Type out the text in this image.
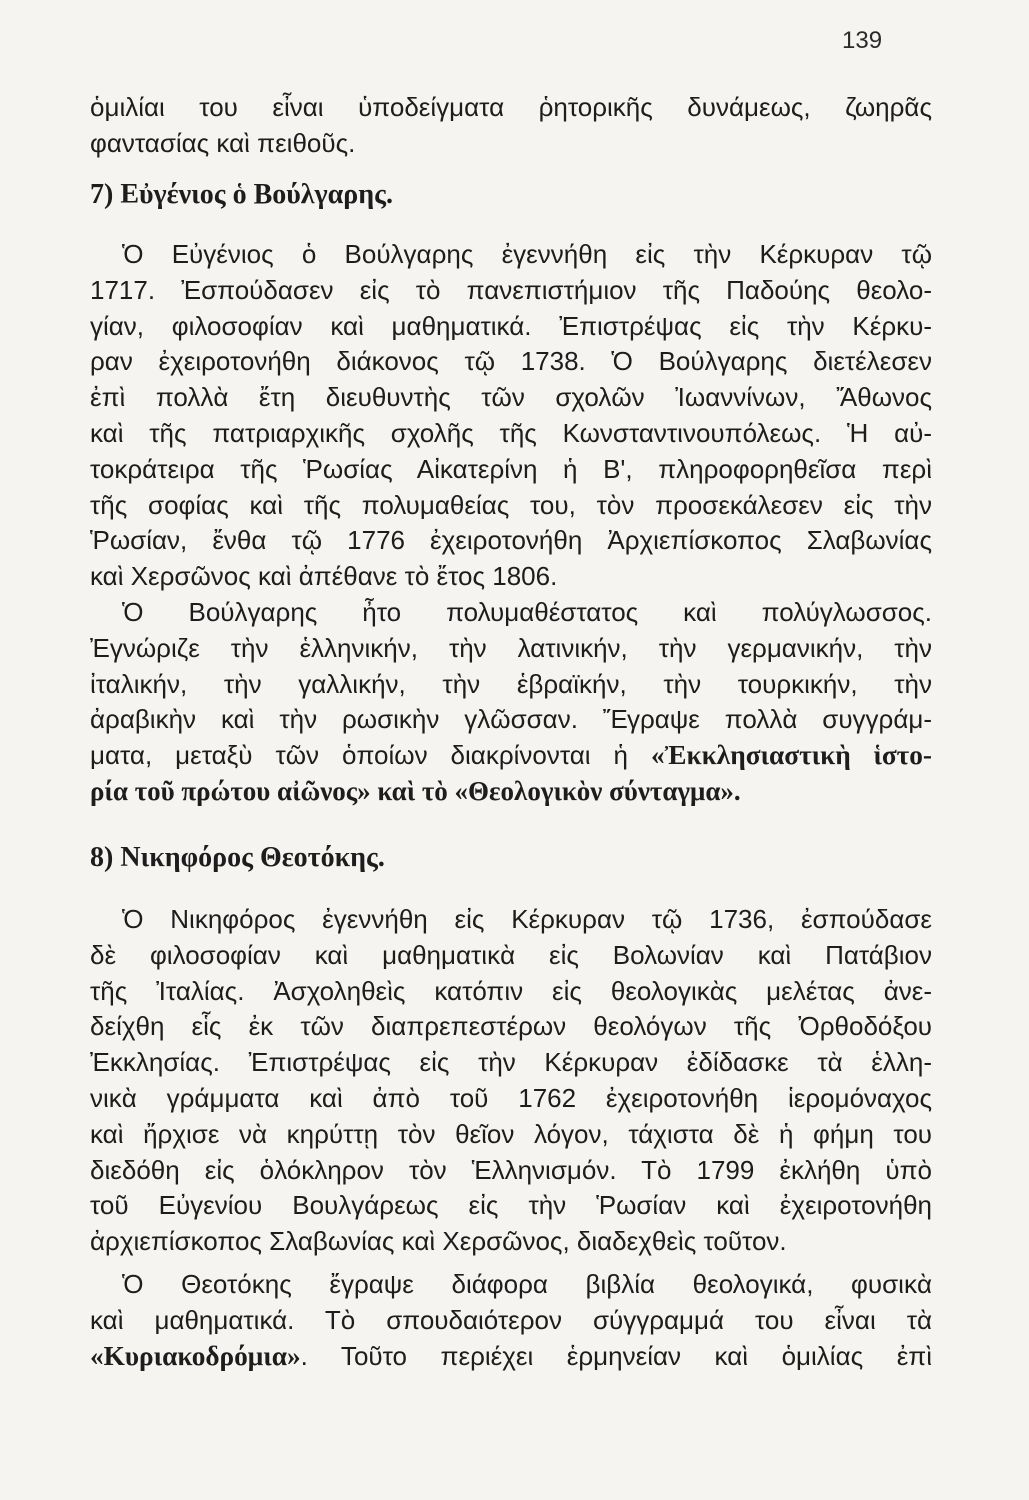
139
ὁμιλίαι του εἶναι ὑποδείγματα ῥητορικῆς δυνάμεως, ζωηρᾶς
φαντασίας καὶ πειθοῦς.
7) Εὐγένιος ὁ Βούλγαρης.
Ὁ Εὐγένιος ὁ Βούλγαρης ἐγεννήθη εἰς τὴν Κέρκυραν τῷ
1717. Ἐσπούδασεν εἰς τὸ πανεπιστήμιον τῆς Παδούης θεολο-
γίαν, φιλοσοφίαν καὶ μαθηματικά. Ἐπιστρέψας εἰς τὴν Κέρκυ-
ραν ἐχειροτονήθη διάκονος τῷ 1738. Ὁ Βούλγαρης διετέλεσεν
ἐπὶ πολλὰ ἔτη διευθυντὴς τῶν σχολῶν Ἰωαννίνων, Ἄθωνος
καὶ τῆς πατριαρχικῆς σχολῆς τῆς Κωνσταντινουπόλεως. Ἡ αὐ-
τοκράτειρα τῆς Ῥωσίας Αἰκατερίνη ἡ Β', πληροφορηθεῖσα περὶ
τῆς σοφίας καὶ τῆς πολυμαθείας του, τὸν προσεκάλεσεν εἰς τὴν
Ῥωσίαν, ἔνθα τῷ 1776 ἐχειροτονήθη Ἀρχιεπίσκοπος Σλαβωνίας
καὶ Χερσῶνος καὶ ἀπέθανε τὸ ἔτος 1806.
Ὁ Βούλγαρης ἦτο πολυμαθέστατος καὶ πολύγλωσσος.
Ἐγνώριζε τὴν ἑλληνικήν, τὴν λατινικήν, τὴν γερμανικήν, τὴν
ἰταλικήν, τὴν γαλλικήν, τὴν ἑβραϊκήν, τὴν τουρκικήν, τὴν
ἀραβικὴν καὶ τὴν ρωσικὴν γλῶσσαν. Ἔγραψε πολλὰ συγγράμ-
ματα, μεταξὺ τῶν ὁποίων διακρίνονται ἡ «Ἐκκλησιαστικὴ ἱστο-
ρία τοῦ πρώτου αἰῶνος» καὶ τὸ «Θεολογικὸν σύνταγμα».
8) Νικηφόρος Θεοτόκης.
Ὁ Νικηφόρος ἐγεννήθη εἰς Κέρκυραν τῷ 1736, ἐσπούδασε
δὲ φιλοσοφίαν καὶ μαθηματικὰ εἰς Βολωνίαν καὶ Πατάβιον
τῆς Ἰταλίας. Ἀσχοληθεὶς κατόπιν εἰς θεολογικὰς μελέτας ἀνε-
δείχθη εἷς ἐκ τῶν διαπρεπεστέρων θεολόγων τῆς Ὀρθοδόξου
Ἐκκλησίας. Ἐπιστρέψας εἰς τὴν Κέρκυραν ἐδίδασκε τὰ ἑλλη-
νικὰ γράμματα καὶ ἀπὸ τοῦ 1762 ἐχειροτονήθη ἱερομόναχος
καὶ ἤρχισε νὰ κηρύττῃ τὸν θεῖον λόγον, τάχιστα δὲ ἡ φήμη του
διεδόθη εἰς ὁλόκληρον τὸν Ἑλληνισμόν. Τὸ 1799 ἐκλήθη ὑπὸ
τοῦ Εὐγενίου Βουλγάρεως εἰς τὴν Ῥωσίαν καὶ ἐχειροτονήθη
ἀρχιεπίσκοπος Σλαβωνίας καὶ Χερσῶνος, διαδεχθεὶς τοῦτον.
Ὁ Θεοτόκης ἔγραψε διάφορα βιβλία θεολογικά, φυσικὰ
καὶ μαθηματικά. Τὸ σπουδαιότερον σύγγραμμά του εἶναι τὰ
«Κυριακοδρόμια». Τοῦτο περιέχει ἑρμηνείαν καὶ ὁμιλίας ἐπὶ
